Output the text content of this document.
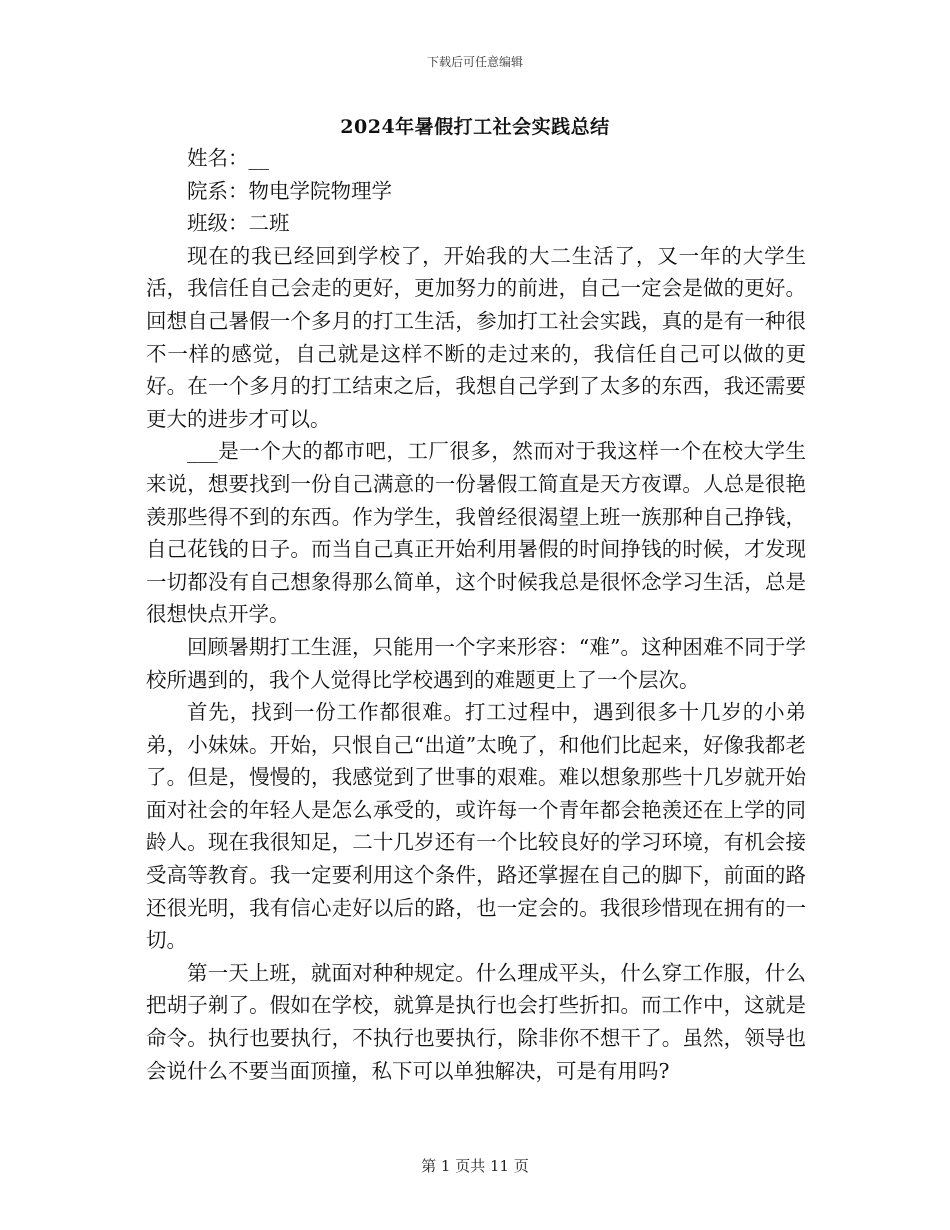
下载后可任意编辑
2024年暑假打工社会实践总结

姓名：__

院系：物电学院物理学

班级：二班

现在的我已经回到学校了，开始我的大二生活了，又一年的大学生活，我信任自己会走的更好，更加努力的前进，自己一定会是做的更好。回想自己暑假一个多月的打工生活，参加打工社会实践，真的是有一种很不一样的感觉，自己就是这样不断的走过来的，我信任自己可以做的更好。在一个多月的打工结束之后，我想自己学到了太多的东西，我还需要更大的进步才可以。

___是一个大的都市吧，工厂很多，然而对于我这样一个在校大学生来说，想要找到一份自己满意的一份暑假工简直是天方夜谭。人总是很艳羡那些得不到的东西。作为学生，我曾经很渴望上班一族那种自己挣钱，自己花钱的日子。而当自己真正开始利用暑假的时间挣钱的时候，才发现一切都没有自己想象得那么简单，这个时候我总是很怀念学习生活，总是很想快点开学。

回顾暑期打工生涯，只能用一个字来形容：“难”。这种困难不同于学校所遇到的，我个人觉得比学校遇到的难题更上了一个层次。

首先，找到一份工作都很难。打工过程中，遇到很多十几岁的小弟弟，小妹妹。开始，只恨自己“出道”太晚了，和他们比起来，好像我都老了。但是，慢慢的，我感觉到了世事的艰难。难以想象那些十几岁就开始面对社会的年轻人是怎么承受的，或许每一个青年都会艳羡还在上学的同龄人。现在我很知足，二十几岁还有一个比较良好的学习环境，有机会接受高等教育。我一定要利用这个条件，路还掌握在自己的脚下，前面的路还很光明，我有信心走好以后的路，也一定会的。我很珍惜现在拥有的一切。

第一天上班，就面对种种规定。什么理成平头，什么穿工作服，什么把胡子剃了。假如在学校，就算是执行也会打些折扣。而工作中，这就是命令。执行也要执行，不执行也要执行，除非你不想干了。虽然，领导也会说什么不要当面顶撞，私下可以单独解决，可是有用吗?

第 1 页共 11 页
